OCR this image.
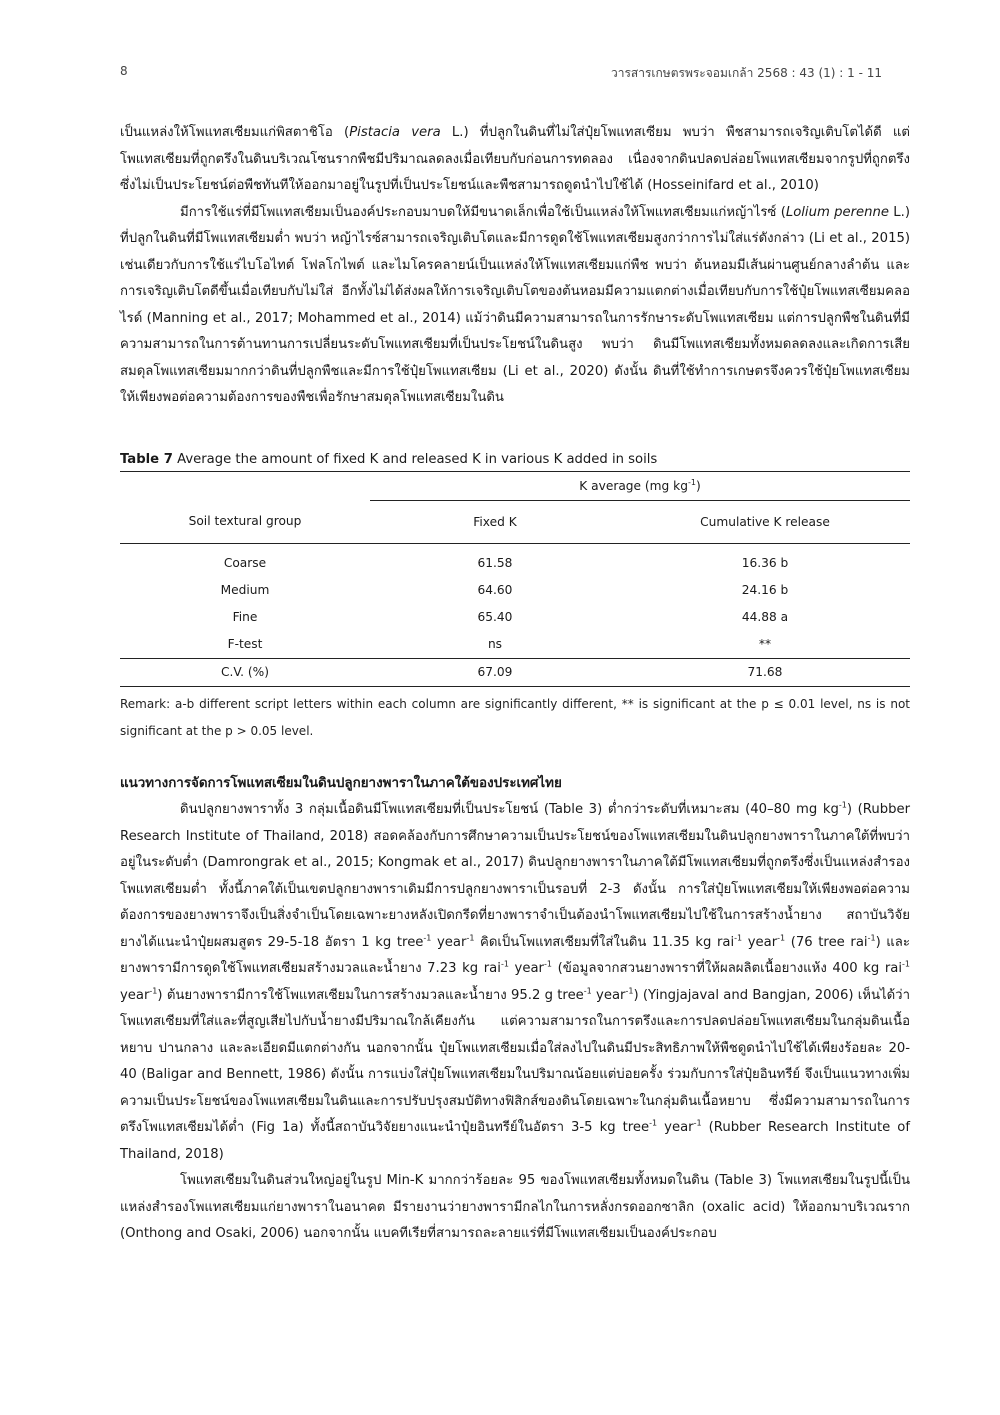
8	วารสารเกษตรพระจอมเกล้า 2568 : 43 (1) : 1 - 11

เป็นแหล่งให้โพแทสเซียมแก่พิสตาชิโอ (Pistacia vera L.) ที่ปลูกในดินที่ไม่ใส่ปุ๋ยโพแทสเซียม พบว่า พืชสามารถเจริญเติบโตได้ดี แต่โพแทสเซียมที่ถูกตรึงในดินบริเวณโซนรากพืชมีปริมาณลดลงเมื่อเทียบกับก่อนการทดลอง เนื่องจากดินปลดปล่อยโพแทสเซียมจากรูปที่ถูกตรึงซึ่งไม่เป็นประโยชน์ต่อพืชทันทีให้ออกมาอยู่ในรูปที่เป็นประโยชน์และพืชสามารถดูดนำไปใช้ได้ (Hosseinifard et al., 2010)

มีการใช้แร่ที่มีโพแทสเซียมเป็นองค์ประกอบมาบดให้มีขนาดเล็กเพื่อใช้เป็นแหล่งให้โพแทสเซียมแก่หญ้าไรซ์ (Lolium perenne L.) ที่ปลูกในดินที่มีโพแทสเซียมต่ำ พบว่า หญ้าไรซ์สามารถเจริญเติบโตและมีการดูดใช้โพแทสเซียมสูงกว่าการไม่ใส่แร่ดังกล่าว (Li et al., 2015) เช่นเดียวกับการใช้แร่ไบโอไทต์ โฟลโกไพต์ และไมโครคลายน์เป็นแหล่งให้โพแทสเซียมแก่พืช พบว่า ต้นหอมมีเส้นผ่านศูนย์กลางลำต้น และการเจริญเติบโตดีขึ้นเมื่อเทียบกับไม่ใส่ อีกทั้งไม่ได้ส่งผลให้การเจริญเติบโตของต้นหอมมีความแตกต่างเมื่อเทียบกับการใช้ปุ๋ยโพแทสเซียมคลอไรด์ (Manning et al., 2017; Mohammed et al., 2014) แม้ว่าดินมีความสามารถในการรักษาระดับโพแทสเซียม แต่การปลูกพืชในดินที่มีความสามารถในการต้านทานการเปลี่ยนระดับโพแทสเซียมที่เป็นประโยชน์ในดินสูง พบว่า ดินมีโพแทสเซียมทั้งหมดลดลงและเกิดการเสียสมดุลโพแทสเซียมมากกว่าดินที่ปลูกพืชและมีการใช้ปุ๋ยโพแทสเซียม (Li et al., 2020) ดังนั้น ดินที่ใช้ทำการเกษตรจึงควรใช้ปุ๋ยโพแทสเซียมให้เพียงพอต่อความต้องการของพืชเพื่อรักษาสมดุลโพแทสเซียมในดิน

Table 7 Average the amount of fixed K and released K in various K added in soils
	K average (mg $kg^{-1}$)	
Soil textural group	Fixed K	Cumulative K release
Coarse	61.58	16.36 b
Medium	64.60	24.16 b
Fine	65.40	44.88 a
F-test	ns	**
C.V. (%)	67.09	71.68
Remark: a-b different script letters within each column are significantly different, ** is significant at the p ≤ 0.01 level, ns is not significant at the p > 0.05 level.
แนวทางการจัดการโพแทสเซียมในดินปลูกยางพาราในภาคใต้ของประเทศไทย

ดินปลูกยางพาราทั้ง 3 กลุ่มเนื้อดินมีโพแทสเซียมที่เป็นประโยชน์ (Table 3) ต่ำกว่าระดับที่เหมาะสม (40–80 mg $kg^{-1}$) (Rubber Research Institute of Thailand, 2018) สอดคล้องกับการศึกษาความเป็นประโยชน์ของโพแทสเซียมในดินปลูกยางพาราในภาคใต้ที่พบว่าอยู่ในระดับต่ำ (Damrongrak et al., 2015; Kongmak et al., 2017) ดินปลูกยางพาราในภาคใต้มีโพแทสเซียมที่ถูกตรึงซึ่งเป็นแหล่งสำรองโพแทสเซียมต่ำ ทั้งนี้ภาคใต้เป็นเขตปลูกยางพาราเดิมมีการปลูกยางพาราเป็นรอบที่ 2-3 ดังนั้น การใส่ปุ๋ยโพแทสเซียมให้เพียงพอต่อความต้องการของยางพาราจึงเป็นสิ่งจำเป็นโดยเฉพาะยางหลังเปิดกรีดที่ยางพาราจำเป็นต้องนำโพแทสเซียมไปใช้ในการสร้างน้ำยาง สถาบันวิจัยยางได้แนะนำปุ๋ยผสมสูตร 29-5-18 อัตรา 1 kg tree$^{-1}$ year$^{-1}$ คิดเป็นโพแทสเซียมที่ใส่ในดิน 11.35 kg rai$^{-1}$ year$^{-1}$ (76 tree rai$^{-1}$) และยางพารามีการดูดใช้โพแทสเซียมสร้างมวลและน้ำยาง 7.23 kg rai$^{-1}$ year$^{-1}$ (ข้อมูลจากสวนยางพาราที่ให้ผลผลิตเนื้อยางแห้ง 400 kg rai$^{-1}$ year$^{-1}$) ต้นยางพารามีการใช้โพแทสเซียมในการสร้างมวลและน้ำยาง 95.2 g tree$^{-1}$ year$^{-1}$) (Yingjajaval and Bangjan, 2006) เห็นได้ว่าโพแทสเซียมที่ใส่และที่สูญเสียไปกับน้ำยางมีปริมาณใกล้เคียงกัน แต่ความสามารถในการตรึงและการปลดปล่อยโพแทสเซียมในกลุ่มดินเนื้อหยาบ ปานกลาง และละเอียดมีแตกต่างกัน นอกจากนั้น ปุ๋ยโพแทสเซียมเมื่อใส่ลงไปในดินมีประสิทธิภาพให้พืชดูดนำไปใช้ได้เพียงร้อยละ 20-40 (Baligar and Bennett, 1986) ดังนั้น การแบ่งใส่ปุ๋ยโพแทสเซียมในปริมาณน้อยแต่บ่อยครั้ง ร่วมกับการใส่ปุ๋ยอินทรีย์ จึงเป็นแนวทางเพิ่มความเป็นประโยชน์ของโพแทสเซียมในดินและการปรับปรุงสมบัติทางฟิสิกส์ของดินโดยเฉพาะในกลุ่มดินเนื้อหยาบ ซึ่งมีความสามารถในการตรึงโพแทสเซียมได้ต่ำ (Fig 1a) ทั้งนี้สถาบันวิจัยยางแนะนำปุ๋ยอินทรีย์ในอัตรา 3-5 kg tree$^{-1}$ year$^{-1}$ (Rubber Research Institute of Thailand, 2018)

โพแทสเซียมในดินส่วนใหญ่อยู่ในรูป Min-K มากกว่าร้อยละ 95 ของโพแทสเซียมทั้งหมดในดิน (Table 3) โพแทสเซียมในรูปนี้เป็นแหล่งสำรองโพแทสเซียมแก่ยางพาราในอนาคต มีรายงานว่ายางพารามีกลไกในการหลั่งกรดออกซาลิก (oxalic acid) ให้ออกมาบริเวณราก (Onthong and Osaki, 2006) นอกจากนั้น แบคทีเรียที่สามารถละลายแร่ที่มีโพแทสเซียมเป็นองค์ประกอบ
